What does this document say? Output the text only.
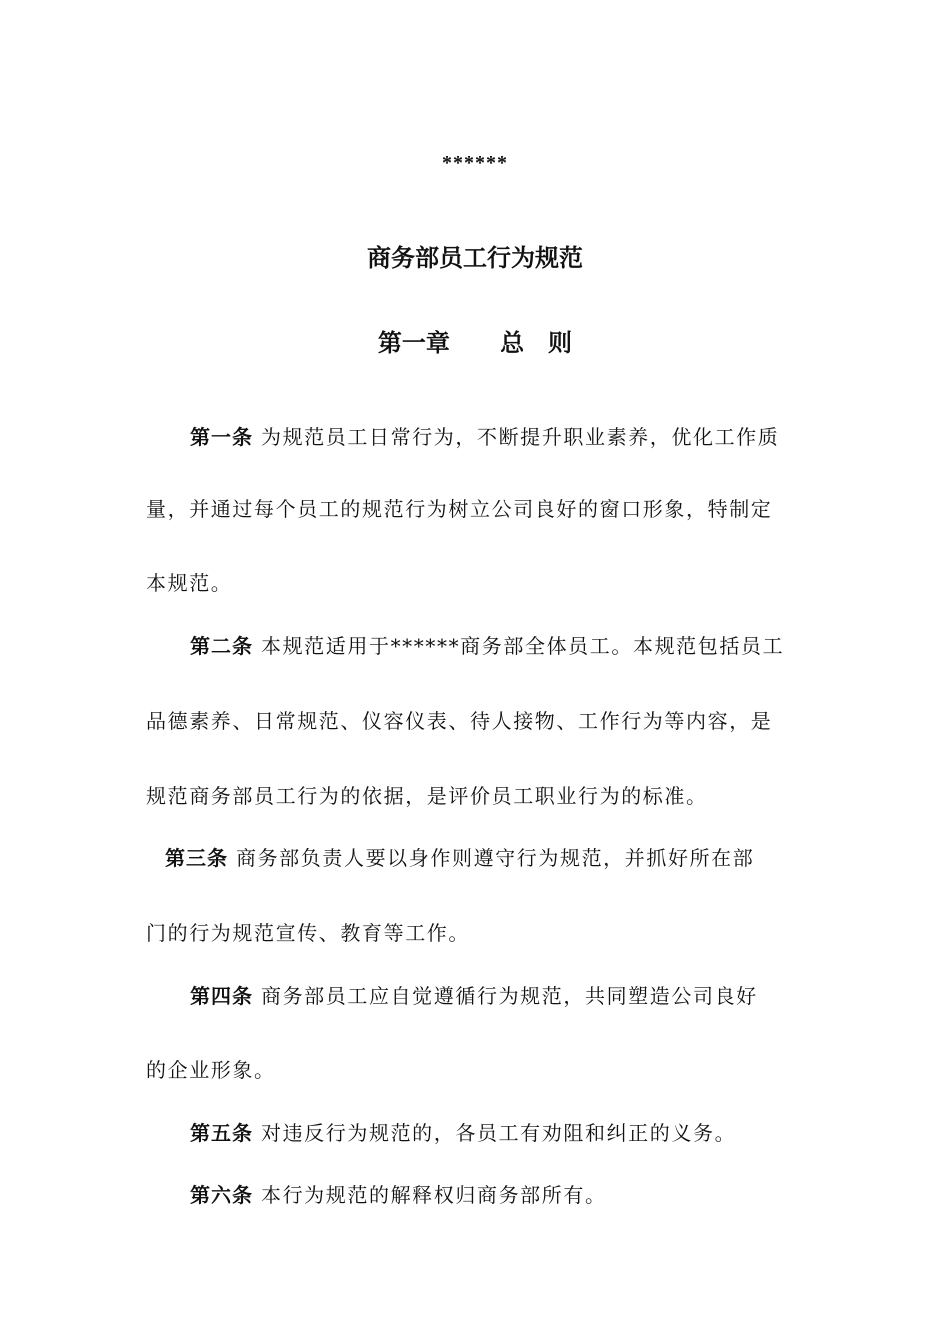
******
商务部员工行为规范
第一章 总　则
第一条 为规范员工日常行为，不断提升职业素养，优化工作质
量，并通过每个员工的规范行为树立公司良好的窗口形象，特制定
本规范。
第二条 本规范适用于******商务部全体员工。本规范包括员工
品德素养、日常规范、仪容仪表、待人接物、工作行为等内容，是
规范商务部员工行为的依据，是评价员工职业行为的标准。
第三条 商务部负责人要以身作则遵守行为规范，并抓好所在部
门的行为规范宣传、教育等工作。
第四条 商务部员工应自觉遵循行为规范，共同塑造公司良好
的企业形象。
第五条 对违反行为规范的，各员工有劝阻和纠正的义务。
第六条 本行为规范的解释权归商务部所有。
